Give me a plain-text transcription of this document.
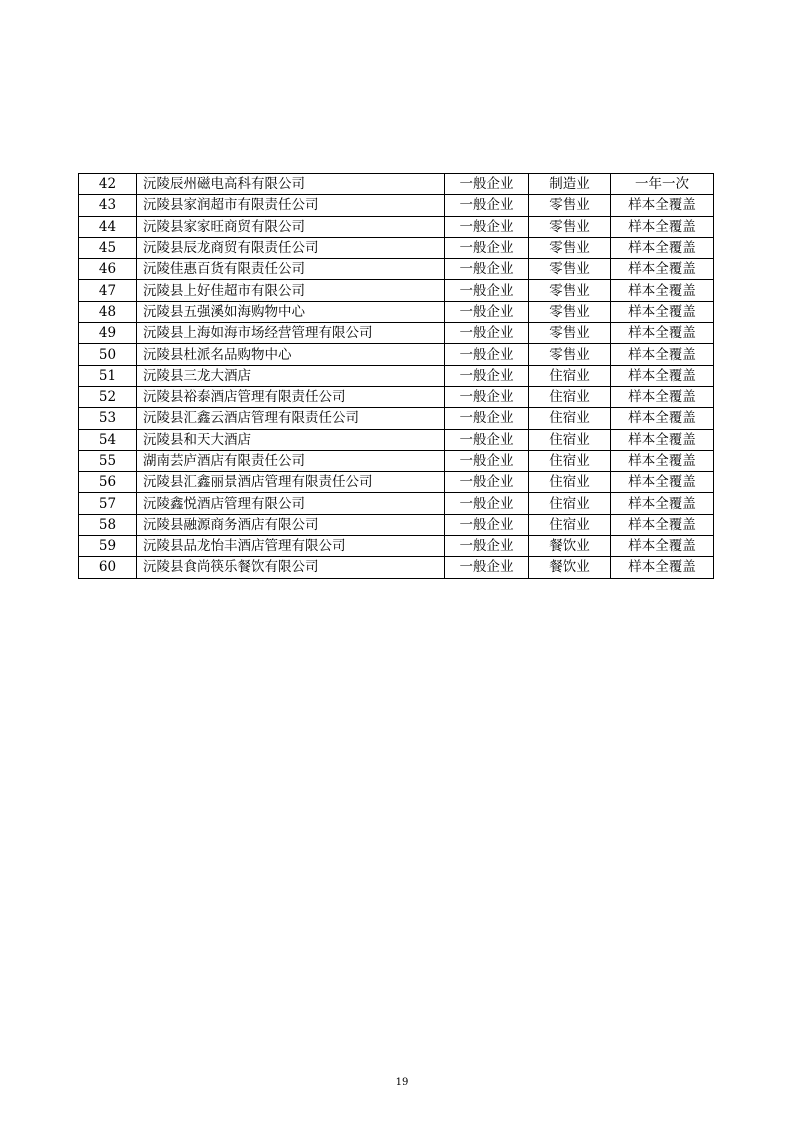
42	沅陵辰州磁电高科有限公司	一般企业	制造业	一年一次
43	沅陵县家润超市有限责任公司	一般企业	零售业	样本全覆盖
44	沅陵县家家旺商贸有限公司	一般企业	零售业	样本全覆盖
45	沅陵县辰龙商贸有限责任公司	一般企业	零售业	样本全覆盖
46	沅陵佳惠百货有限责任公司	一般企业	零售业	样本全覆盖
47	沅陵县上好佳超市有限公司	一般企业	零售业	样本全覆盖
48	沅陵县五强溪如海购物中心	一般企业	零售业	样本全覆盖
49	沅陵县上海如海市场经营管理有限公司	一般企业	零售业	样本全覆盖
50	沅陵县杜派名品购物中心	一般企业	零售业	样本全覆盖
51	沅陵县三龙大酒店	一般企业	住宿业	样本全覆盖
52	沅陵县裕泰酒店管理有限责任公司	一般企业	住宿业	样本全覆盖
53	沅陵县汇鑫云酒店管理有限责任公司	一般企业	住宿业	样本全覆盖
54	沅陵县和天大酒店	一般企业	住宿业	样本全覆盖
55	湖南芸庐酒店有限责任公司	一般企业	住宿业	样本全覆盖
56	沅陵县汇鑫丽景酒店管理有限责任公司	一般企业	住宿业	样本全覆盖
57	沅陵鑫悦酒店管理有限公司	一般企业	住宿业	样本全覆盖
58	沅陵县融源商务酒店有限公司	一般企业	住宿业	样本全覆盖
59	沅陵县品龙怡丰酒店管理有限公司	一般企业	餐饮业	样本全覆盖
60	沅陵县食尚筷乐餐饮有限公司	一般企业	餐饮业	样本全覆盖
19
